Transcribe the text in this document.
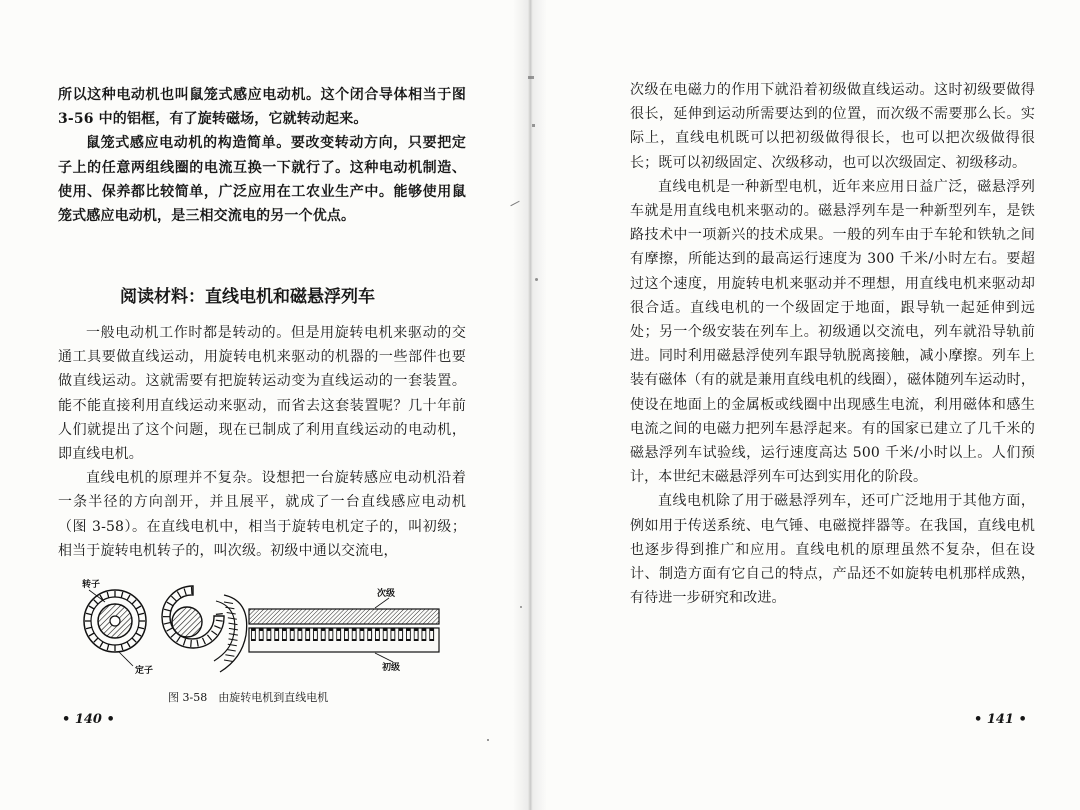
所以这种电动机也叫鼠笼式感应电动机。这个闭合导体相当于图 3-56 中的铝框，有了旋转磁场，它就转动起来。

鼠笼式感应电动机的构造简单。要改变转动方向，只要把定子上的任意两组线圈的电流互换一下就行了。这种电动机制造、使用、保养都比较简单，广泛应用在工农业生产中。能够使用鼠笼式感应电动机，是三相交流电的另一个优点。

阅读材料：直线电机和磁悬浮列车

一般电动机工作时都是转动的。但是用旋转电机来驱动的交通工具要做直线运动，用旋转电机来驱动的机器的一些部件也要做直线运动。这就需要有把旋转运动变为直线运动的一套装置。能不能直接利用直线运动来驱动，而省去这套装置呢？几十年前人们就提出了这个问题，现在已制成了利用直线运动的电动机，即直线电机。

直线电机的原理并不复杂。设想把一台旋转感应电动机沿着一条半径的方向剖开，并且展平，就成了一台直线感应电动机（图 3-58）。在直线电机中，相当于旋转电机定子的，叫初级；相当于旋转电机转子的，叫次级。初级中通以交流电，

转子
定子
次级
初级
图 3-58　由旋转电机到直线电机
• 140 •

次级在电磁力的作用下就沿着初级做直线运动。这时初级要做得很长，延伸到运动所需要达到的位置，而次级不需要那么长。实际上，直线电机既可以把初级做得很长，也可以把次级做得很长；既可以初级固定、次级移动，也可以次级固定、初级移动。

直线电机是一种新型电机，近年来应用日益广泛，磁悬浮列车就是用直线电机来驱动的。磁悬浮列车是一种新型列车，是铁路技术中一项新兴的技术成果。一般的列车由于车轮和铁轨之间有摩擦，所能达到的最高运行速度为 300 千米/小时左右。要超过这个速度，用旋转电机来驱动并不理想，用直线电机来驱动却很合适。直线电机的一个级固定于地面，跟导轨一起延伸到远处；另一个级安装在列车上。初级通以交流电，列车就沿导轨前进。同时利用磁悬浮使列车跟导轨脱离接触，减小摩擦。列车上装有磁体（有的就是兼用直线电机的线圈），磁体随列车运动时，使设在地面上的金属板或线圈中出现感生电流，利用磁体和感生电流之间的电磁力把列车悬浮起来。有的国家已建立了几千米的磁悬浮列车试验线，运行速度高达 500 千米/小时以上。人们预计，本世纪末磁悬浮列车可达到实用化的阶段。

直线电机除了用于磁悬浮列车，还可广泛地用于其他方面，例如用于传送系统、电气锤、电磁搅拌器等。在我国，直线电机也逐步得到推广和应用。直线电机的原理虽然不复杂，但在设计、制造方面有它自己的特点，产品还不如旋转电机那样成熟，有待进一步研究和改进。

• 141 •
